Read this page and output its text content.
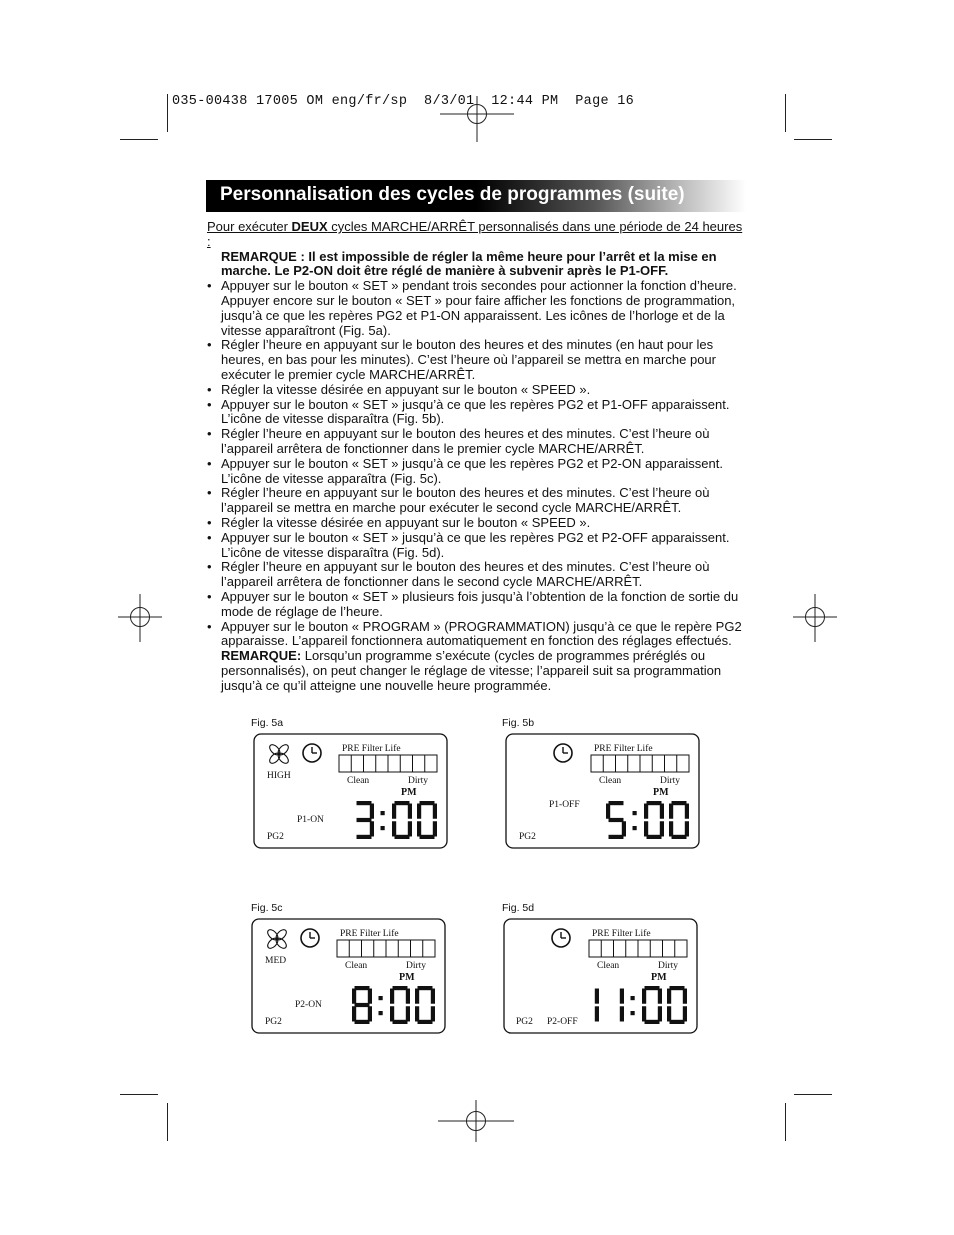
035-00438 17005 OM eng/fr/sp  8/3/01  12:44 PM  Page 16
Personnalisation des cycles de programmes (suite)
Pour exécuter DEUX cycles MARCHE/ARRÊT personnalisés dans une période de 24 heures :
REMARQUE : Il est impossible de régler la même heure pour l’arrêt et la mise en marche. Le P2-ON doit être réglé de manière à subvenir après le P1-OFF.
• Appuyer sur le bouton « SET » pendant trois secondes pour actionner la fonction d’heure. Appuyer encore sur le bouton « SET » pour faire afficher les fonctions de programmation, jusqu’à ce que les repères PG2 et P1-ON apparaissent. Les icônes de l’horloge et de la vitesse apparaîtront (Fig. 5a).
• Régler l’heure en appuyant sur le bouton des heures et des minutes (en haut pour les heures, en bas pour les minutes). C’est l’heure où l’appareil se mettra en marche pour exécuter le premier cycle MARCHE/ARRÊT.
• Régler la vitesse désirée en appuyant sur le bouton « SPEED ».
• Appuyer sur le bouton « SET » jusqu’à ce que les repères PG2 et P1-OFF apparaissent. L’icône de vitesse disparaîtra (Fig. 5b).
• Régler l’heure en appuyant sur le bouton des heures et des minutes. C’est l’heure où l’appareil arrêtera de fonctionner dans le premier cycle MARCHE/ARRÊT.
• Appuyer sur le bouton « SET » jusqu’à ce que les repères PG2 et P2-ON apparaissent. L’icône de vitesse apparaîtra (Fig. 5c).
• Régler l’heure en appuyant sur le bouton des heures et des minutes. C’est l’heure où l’appareil se mettra en marche pour exécuter le second cycle MARCHE/ARRÊT.
• Régler la vitesse désirée en appuyant sur le bouton « SPEED ».
• Appuyer sur le bouton « SET » jusqu’à ce que les repères PG2 et P2-OFF apparaissent. L’icône de vitesse disparaîtra (Fig. 5d).
• Régler l’heure en appuyant sur le bouton des heures et des minutes. C’est l’heure où l’appareil arrêtera de fonctionner dans le second cycle MARCHE/ARRÊT.
• Appuyer sur le bouton « SET » plusieurs fois jusqu’à l’obtention de la fonction de sortie du mode de réglage de l’heure.
• Appuyer sur le bouton « PROGRAM » (PROGRAMMATION) jusqu’à ce que le repère PG2 apparaisse. L’appareil fonctionnera automatiquement en fonction des réglages effectués.
REMARQUE: Lorsqu’un programme s’exécute (cycles de programmes préréglés ou personnalisés), on peut changer le réglage de vitesse; l’appareil suit sa programmation jusqu’à ce qu’il atteigne une nouvelle heure programmée.
Fig. 5a	Fig. 5b
Fig. 5c	Fig. 5d
PRE Filter Life
Clean	Dirty
PM
HIGH
PG2
P1-ON
PRE Filter Life
Clean	Dirty
PM
PG2
P1-OFF
PRE Filter Life
Clean	Dirty
PM
MED
PG2
P2-ON
PRE Filter Life
Clean	Dirty
PM
PG2 P2-OFF
